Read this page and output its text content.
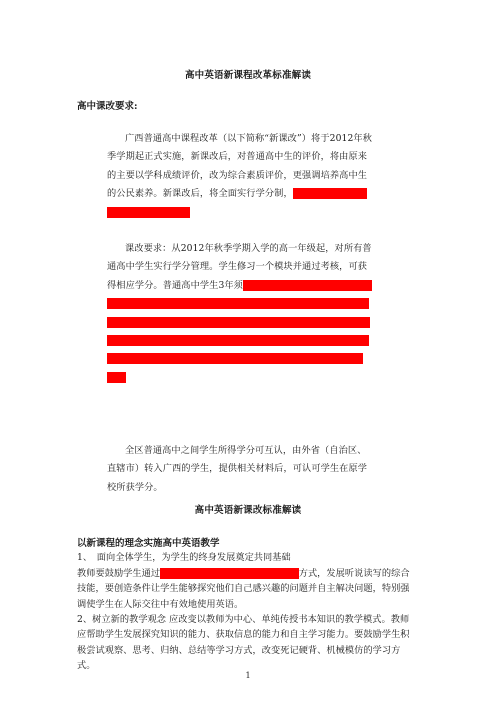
高中英语新课程改革标准解读
高中课改要求:
广西普通高中课程改革（以下简称“新课改”）将于2012年秋季学期起正式实施，新课改后，对普通高中生的评价，将由原来的主要以学科成绩评价，改为综合素质评价，更强调培养高中生的公民素养。新课改后，将全面实行学分制，普通高中学生修满144学分方可毕业。
课改要求：从2012年秋季学期入学的高一年级起，对所有普通高中学生实行学分管理。学生修习一个模块并通过考核，可获得相应学分。普通高中学生3年须修满144学分方可毕业，其中必修学分至少达到116分，包括语文、英语、数学各10学分，思想政治、技术各8学分，历史、地理、物理、化学、生物各6学分，音乐、美术各3学分，体育与健康11学分，研究性学习活动15学分，社会实践6学分，社区服务2学分，选修课程至少修满28学分。
全区普通高中之间学生所得学分可互认，由外省（自治区、直辖市）转入广西的学生，提供相关材料后，可认可学生在原学校所获学分。
高中英语新课改标准解读
以新课程的理念实施高中英语教学
1、　面向全体学生，为学生的终身发展奠定共同基础
教师要鼓励学生通过体验、实践、讨论、合作、探究等方式，发展听说读写的综合技能，要创造条件让学生能够探究他们自己感兴趣的问题并自主解决问题，特别强调使学生在人际交往中有效地使用英语。
2、树立新的教学观念 应改变以教师为中心、单纯传授书本知识的教学模式。教师应帮助学生发展探究知识的能力、获取信息的能力和自主学习能力。要鼓励学生积极尝试观察、思考、归纳、总结等学习方式，改变死记硬背、机械模仿的学习方式。
1
